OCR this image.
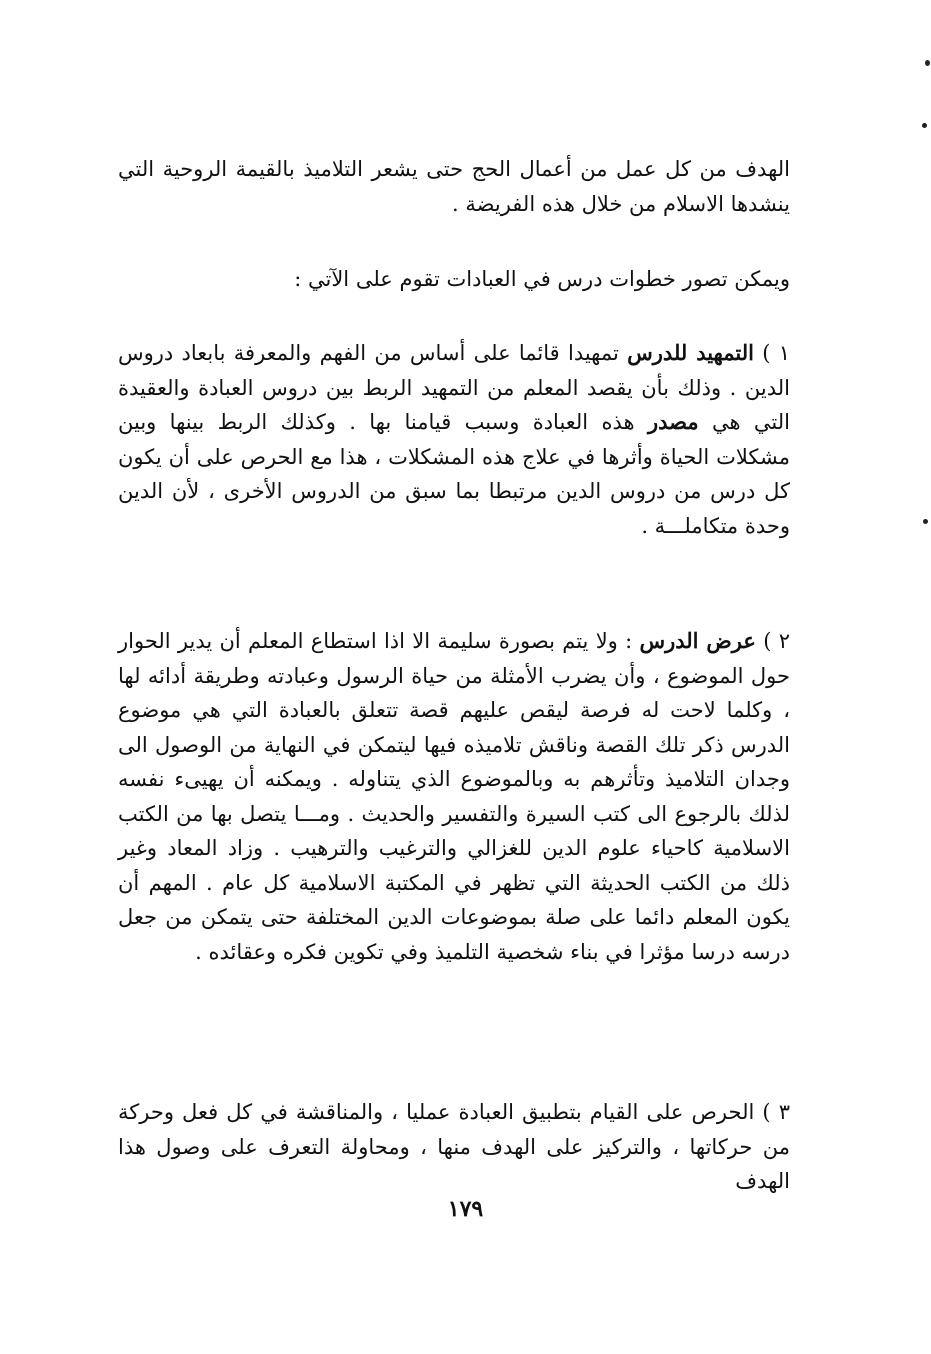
الهدف من كل عمل من أعمال الحج حتى يشعر التلاميذ بالقيمة الروحية التي ينشدها الاسلام من خلال هذه الفريضة .
ويمكن تصور خطوات درس في العبادات تقوم على الآتي :
١ ) التمهيد للدرس تمهيدا قائما على أساس من الفهم والمعرفة بابعاد دروس الدين . وذلك بأن يقصد المعلم من التمهيد الربط بين دروس العبادة والعقيدة التي هي مصدر هذه العبادة وسبب قيامنا بها . وكذلك الربط بينها وبين مشكلات الحياة وأثرها في علاج هذه المشكلات ، هذا مع الحرص على أن يكون كل درس من دروس الدين مرتبطا بما سبق من الدروس الأخرى ، لأن الدين وحدة متكاملـــة .
٢ ) عرض الدرس : ولا يتم بصورة سليمة الا اذا استطاع المعلم أن يدير الحوار حول الموضوع ، وأن يضرب الأمثلة من حياة الرسول وعبادته وطريقة أدائه لها ، وكلما لاحت له فرصة ليقص عليهم قصة تتعلق بالعبادة التي هي موضوع الدرس ذكر تلك القصة وناقش تلاميذه فيها ليتمكن في النهاية من الوصول الى وجدان التلاميذ وتأثرهم به وبالموضوع الذي يتناوله . ويمكنه أن يهيىء نفسه لذلك بالرجوع الى كتب السيرة والتفسير والحديث . ومـــا يتصل بها من الكتب الاسلامية كاحياء علوم الدين للغزالي والترغيب والترهيب . وزاد المعاد وغير ذلك من الكتب الحديثة التي تظهر في المكتبة الاسلامية كل عام . المهم أن يكون المعلم دائما على صلة بموضوعات الدين المختلفة حتى يتمكن من جعل درسه درسا مؤثرا في بناء شخصية التلميذ وفي تكوين فكره وعقائده .
٣ ) الحرص على القيام بتطبيق العبادة عمليا ، والمناقشة في كل فعل وحركة من حركاتها ، والتركيز على الهدف منها ، ومحاولة التعرف على وصول هذا الهدف
١٧٩
